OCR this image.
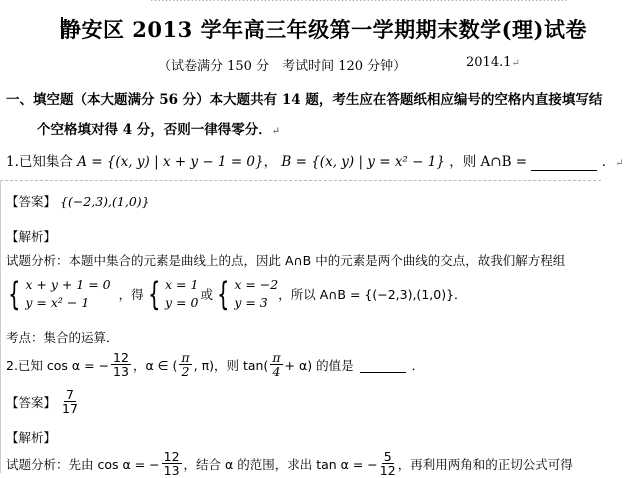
静安区 2013 学年高三年级第一学期期末数学(理)试卷
（试卷满分 150 分　考试时间 120 分钟）	2014.1↵
一、填空题（本大题满分 56 分）本大题共有 14 题，考生应在答题纸相应编号的空格内直接填写结
个空格填对得 4 分，否则一律得零分．↵
1.已知集合 A = {(x, y) | x + y − 1 = 0}， B = {(x, y) | y = x² − 1} ，则 A∩B =	．↵
【答案】 {(−2,3),(1,0)}
【解析】
试题分析：本题中集合的元素是曲线上的点，因此 A∩B 中的元素是两个曲线的交点，故我们解方程组
{ x + y + 1 = 0
y = x² − 1
，得 { x = 1
y = 0
或 { x = −2
y = 3
，所以 A∩B = {(−2,3),(1,0)}．
考点：集合的运算．
2.已知 cos α = − $\frac{12}{13}$ ，α ∈ ( $\frac{\pi}{2}$ , π)，则 $\tan( \frac{\pi}{4} + \alpha)$ 的值是
	．
【答案】 $\frac{7}{17}$
【解析】
试题分析：先由 cos α = − $\frac{12}{13}$ ，结合 α 的范围，求出 tan α = − $\frac{5}{12}$ ，再利用两角和的正切公式可得
